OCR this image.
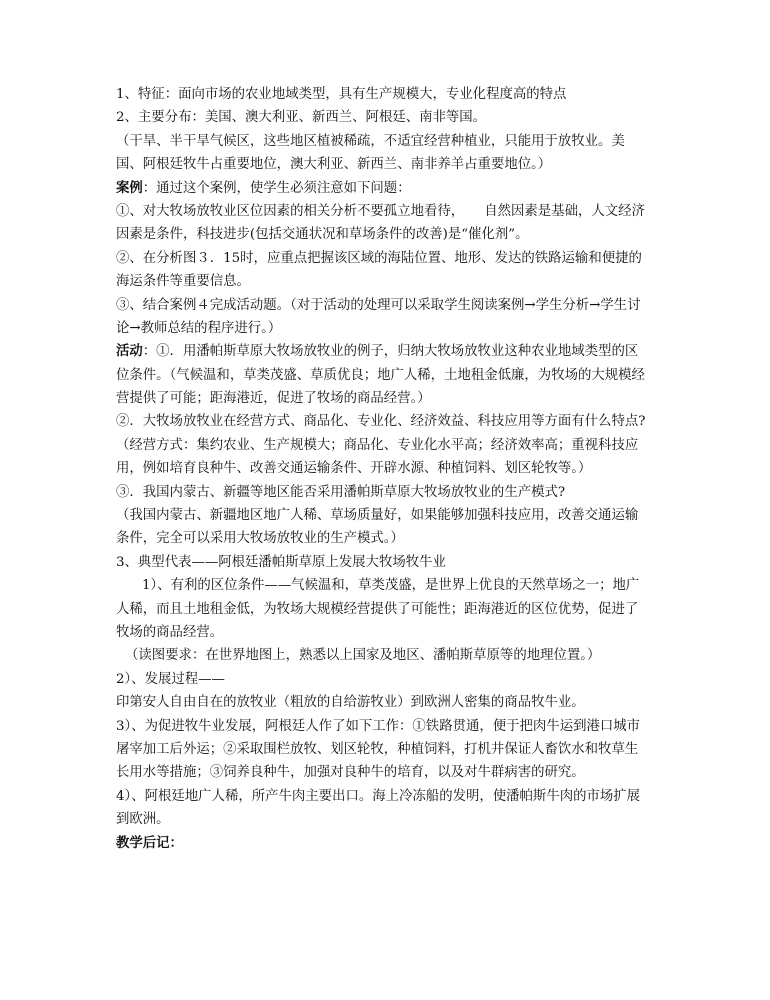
1、特征：面向市场的农业地域类型，具有生产规模大，专业化程度高的特点
2、主要分布：美国、澳大利亚、新西兰、阿根廷、南非等国。
（干旱、半干旱气候区，这些地区植被稀疏，不适宜经营种植业，只能用于放牧业。美
国、阿根廷牧牛占重要地位，澳大利亚、新西兰、南非养羊占重要地位。）
案例：通过这个案例，使学生必须注意如下问题：
①、对大牧场放牧业区位因素的相关分析不要孤立地看待，　　自然因素是基础，人文经济
因素是条件，科技进步(包括交通状况和草场条件的改善)是“催化剂”。
②、在分析图３．15时，应重点把握该区域的海陆位置、地形、发达的铁路运输和便捷的
海运条件等重要信息。
③、结合案例４完成活动题。（对于活动的处理可以采取学生阅读案例→学生分析→学生讨
论→教师总结的程序进行。）
活动：①．用潘帕斯草原大牧场放牧业的例子，归纳大牧场放牧业这种农业地域类型的区
位条件。（气候温和，草类茂盛、草质优良；地广人稀，土地租金低廉，为牧场的大规模经
营提供了可能；距海港近，促进了牧场的商品经营。）
②．大牧场放牧业在经营方式、商品化、专业化、经济效益、科技应用等方面有什么特点?
（经营方式：集约农业、生产规模大；商品化、专业化水平高；经济效率高；重视科技应
用，例如培育良种牛、改善交通运输条件、开辟水源、种植饲料、划区轮牧等。）
③．我国内蒙古、新疆等地区能否采用潘帕斯草原大牧场放牧业的生产模式?
（我国内蒙古、新疆地区地广人稀、草场质量好，如果能够加强科技应用，改善交通运输
条件，完全可以采用大牧场放牧业的生产模式。）
3、典型代表——阿根廷潘帕斯草原上发展大牧场牧牛业
1）、有利的区位条件——气候温和，草类茂盛，是世界上优良的天然草场之一；地广
人稀，而且土地租金低，为牧场大规模经营提供了可能性；距海港近的区位优势，促进了
牧场的商品经营。
（读图要求：在世界地图上，熟悉以上国家及地区、潘帕斯草原等的地理位置。）
2）、发展过程——
印第安人自由自在的放牧业（粗放的自给游牧业）到欧洲人密集的商品牧牛业。
3）、为促进牧牛业发展，阿根廷人作了如下工作：①铁路贯通，便于把肉牛运到港口城市
屠宰加工后外运；②采取围栏放牧、划区轮牧，种植饲料，打机井保证人畜饮水和牧草生
长用水等措施；③饲养良种牛，加强对良种牛的培育，以及对牛群病害的研究。
4）、阿根廷地广人稀，所产牛肉主要出口。海上冷冻船的发明，使潘帕斯牛肉的市场扩展
到欧洲。
教学后记：
